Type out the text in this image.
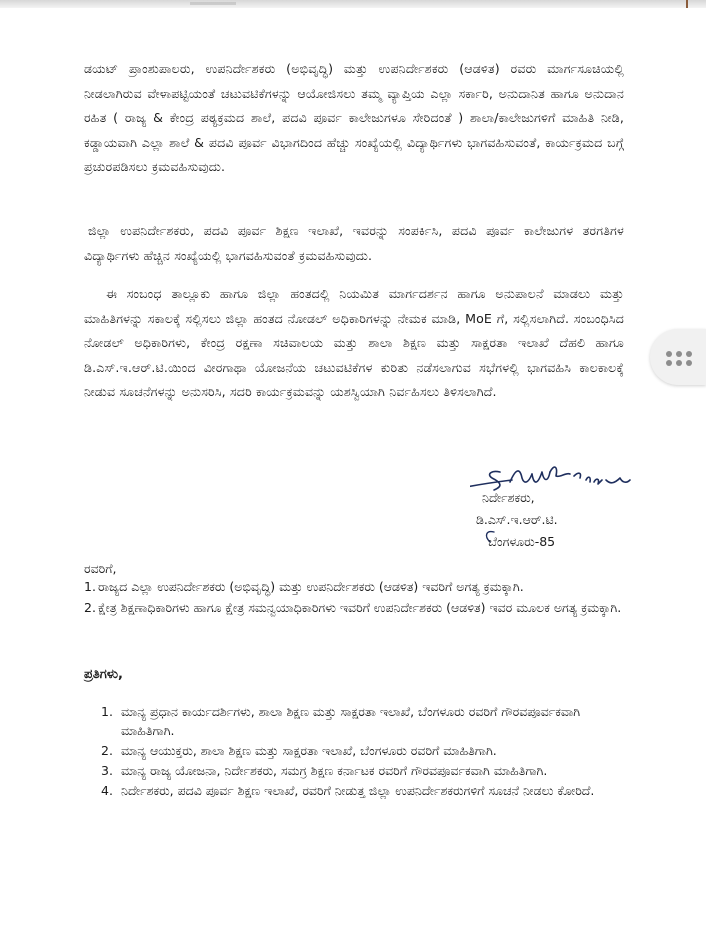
ಡಯಟ್ ಪ್ರಾಂಶುಪಾಲರು, ಉಪನಿರ್ದೇಶಕರು (ಅಭಿವೃದ್ಧಿ) ಮತ್ತು ಉಪನಿರ್ದೇಶಕರು (ಆಡಳಿತ) ರವರು ಮಾರ್ಗಸೂಚಿಯಲ್ಲಿ ನೀಡಲಾಗಿರುವ ವೇಳಾಪಟ್ಟಿಯಂತೆ ಚಟುವಟಿಕೆಗಳನ್ನು ಆಯೋಜಿಸಲು ತಮ್ಮ ವ್ಯಾಪ್ತಿಯ ಎಲ್ಲಾ ಸರ್ಕಾರಿ, ಅನುದಾನಿತ ಹಾಗೂ ಅನುದಾನ ರಹಿತ ( ರಾಜ್ಯ & ಕೇಂದ್ರ ಪಠ್ಯಕ್ರಮದ ಶಾಲೆ, ಪದವಿ ಪೂರ್ವ ಕಾಲೇಜುಗಳೂ ಸೇರಿದಂತೆ ) ಶಾಲಾ/ಕಾಲೇಜುಗಳಿಗೆ ಮಾಹಿತಿ ನೀಡಿ, ಕಡ್ಡಾಯವಾಗಿ ಎಲ್ಲಾ ಶಾಲೆ & ಪದವಿ ಪೂರ್ವ ವಿಭಾಗದಿಂದ ಹೆಚ್ಚು ಸಂಖ್ಯೆಯಲ್ಲಿ ವಿದ್ಯಾರ್ಥಿಗಳು ಭಾಗವಹಿಸುವಂತೆ, ಕಾರ್ಯಕ್ರಮದ ಬಗ್ಗೆ ಪ್ರಚುರಪಡಿಸಲು ಕ್ರಮವಹಿಸುವುದು.

ಜಿಲ್ಲಾ ಉಪನಿರ್ದೇಶಕರು, ಪದವಿ ಪೂರ್ವ ಶಿಕ್ಷಣ ಇಲಾಖೆ, ಇವರನ್ನು ಸಂಪರ್ಕಿಸಿ, ಪದವಿ ಪೂರ್ವ ಕಾಲೇಜುಗಳ ತರಗತಿಗಳ ವಿದ್ಯಾರ್ಥಿಗಳು ಹೆಚ್ಚಿನ ಸಂಖ್ಯೆಯಲ್ಲಿ ಭಾಗವಹಿಸುವಂತೆ ಕ್ರಮವಹಿಸುವುದು.

ಈ ಸಂಬಂಧ ತಾಲ್ಲೂಕು ಹಾಗೂ ಜಿಲ್ಲಾ ಹಂತದಲ್ಲಿ ನಿಯಮಿತ ಮಾರ್ಗದರ್ಶನ ಹಾಗೂ ಅನುಪಾಲನೆ ಮಾಡಲು ಮತ್ತು ಮಾಹಿತಿಗಳನ್ನು ಸಕಾಲಕ್ಕೆ ಸಲ್ಲಿಸಲು ಜಿಲ್ಲಾ ಹಂತದ ನೋಡಲ್ ಅಧಿಕಾರಿಗಳನ್ನು ನೇಮಕ ಮಾಡಿ, MoE ಗೆ, ಸಲ್ಲಿಸಲಾಗಿದೆ. ಸಂಬಂಧಿಸಿದ ನೋಡಲ್ ಅಧಿಕಾರಿಗಳು, ಕೇಂದ್ರ ರಕ್ಷಣಾ ಸಚಿವಾಲಯ ಮತ್ತು ಶಾಲಾ ಶಿಕ್ಷಣ ಮತ್ತು ಸಾಕ್ಷರತಾ ಇಲಾಖೆ ದೆಹಲಿ ಹಾಗೂ ಡಿ.ಎಸ್.ಇ.ಆರ್.ಟಿ.ಯಿಂದ ವೀರಗಾಥಾ ಯೋಜನೆಯ ಚಟುವಟಿಕೆಗಳ ಕುರಿತು ನಡೆಸಲಾಗುವ ಸಭೆಗಳಲ್ಲಿ ಭಾಗವಹಿಸಿ ಕಾಲಕಾಲಕ್ಕೆ ನೀಡುವ ಸೂಚನೆಗಳನ್ನು ಅನುಸರಿಸಿ, ಸದರಿ ಕಾರ್ಯಕ್ರಮವನ್ನು ಯಶಸ್ವಿಯಾಗಿ ನಿರ್ವಹಿಸಲು ತಿಳಿಸಲಾಗಿದೆ.

ನಿರ್ದೇಶಕರು,
ಡಿ.ಎಸ್.ಇ.ಆರ್.ಟಿ.
ಬೆಂಗಳೂರು-85
ರವರಿಗೆ,
1. ರಾಜ್ಯದ ಎಲ್ಲಾ ಉಪನಿರ್ದೇಶಕರು (ಅಭಿವೃದ್ಧಿ) ಮತ್ತು ಉಪನಿರ್ದೇಶಕರು (ಆಡಳಿತ) ಇವರಿಗೆ ಅಗತ್ಯ ಕ್ರಮಕ್ಕಾಗಿ.
2. ಕ್ಷೇತ್ರ ಶಿಕ್ಷಣಾಧಿಕಾರಿಗಳು ಹಾಗೂ ಕ್ಷೇತ್ರ ಸಮನ್ವಯಾಧಿಕಾರಿಗಳು ಇವರಿಗೆ ಉಪನಿರ್ದೇಶಕರು (ಆಡಳಿತ) ಇವರ ಮೂಲಕ ಅಗತ್ಯ ಕ್ರಮಕ್ಕಾಗಿ.
ಪ್ರತಿಗಳು,
1. ಮಾನ್ಯ ಪ್ರಧಾನ ಕಾರ್ಯದರ್ಶಿಗಳು, ಶಾಲಾ ಶಿಕ್ಷಣ ಮತ್ತು ಸಾಕ್ಷರತಾ ಇಲಾಖೆ, ಬೆಂಗಳೂರು ರವರಿಗೆ ಗೌರವಪೂರ್ವಕವಾಗಿ ಮಾಹಿತಿಗಾಗಿ.
2. ಮಾನ್ಯ ಆಯುಕ್ತರು, ಶಾಲಾ ಶಿಕ್ಷಣ ಮತ್ತು ಸಾಕ್ಷರತಾ ಇಲಾಖೆ, ಬೆಂಗಳೂರು ರವರಿಗೆ ಮಾಹಿತಿಗಾಗಿ.
3. ಮಾನ್ಯ ರಾಜ್ಯ ಯೋಜನಾ, ನಿರ್ದೇಶಕರು, ಸಮಗ್ರ ಶಿಕ್ಷಣ ಕರ್ನಾಟಕ ರವರಿಗೆ ಗೌರವಪೂರ್ವಕವಾಗಿ ಮಾಹಿತಿಗಾಗಿ.
4. ನಿರ್ದೇಶಕರು, ಪದವಿ ಪೂರ್ವ ಶಿಕ್ಷಣ ಇಲಾಖೆ, ರವರಿಗೆ ನೀಡುತ್ತ ಜಿಲ್ಲಾ ಉಪನಿರ್ದೇಶಕರುಗಳಿಗೆ ಸೂಚನೆ ನೀಡಲು ಕೋರಿದೆ.
